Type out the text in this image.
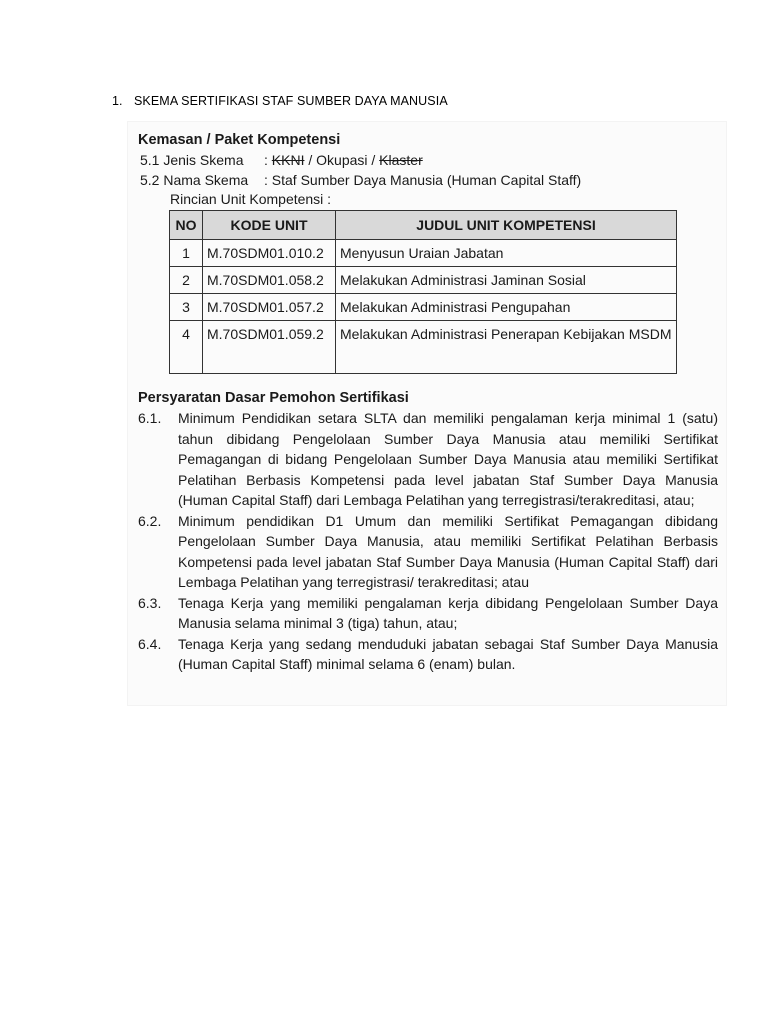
1. SKEMA SERTIFIKASI STAF SUMBER DAYA MANUSIA
Kemasan / Paket Kompetensi
5.1 Jenis Skema : KKNI / Okupasi / Klaster
5.2 Nama Skema : Staf Sumber Daya Manusia (Human Capital Staff)
Rincian Unit Kompetensi :
NO	KODE UNIT	JUDUL UNIT KOMPETENSI
1	M.70SDM01.010.2	Menyusun Uraian Jabatan
2	M.70SDM01.058.2	Melakukan Administrasi Jaminan Sosial
3	M.70SDM01.057.2	Melakukan Administrasi Pengupahan
4	M.70SDM01.059.2	Melakukan Administrasi Penerapan Kebijakan MSDM
Persyaratan Dasar Pemohon Sertifikasi
6.1. Minimum Pendidikan setara SLTA dan memiliki pengalaman kerja minimal 1 (satu) tahun dibidang Pengelolaan Sumber Daya Manusia atau memiliki Sertifikat Pemagangan di bidang Pengelolaan Sumber Daya Manusia atau memiliki Sertifikat Pelatihan Berbasis Kompetensi pada level jabatan Staf Sumber Daya Manusia (Human Capital Staff) dari Lembaga Pelatihan yang terregistrasi/terakreditasi, atau;
6.2. Minimum pendidikan D1 Umum dan memiliki Sertifikat Pemagangan dibidang Pengelolaan Sumber Daya Manusia, atau memiliki Sertifikat Pelatihan Berbasis Kompetensi pada level jabatan Staf Sumber Daya Manusia (Human Capital Staff) dari Lembaga Pelatihan yang terregistrasi/ terakreditasi; atau
6.3. Tenaga Kerja yang memiliki pengalaman kerja dibidang Pengelolaan Sumber Daya Manusia selama minimal 3 (tiga) tahun, atau;
6.4. Tenaga Kerja yang sedang menduduki jabatan sebagai Staf Sumber Daya Manusia (Human Capital Staff) minimal selama 6 (enam) bulan.
